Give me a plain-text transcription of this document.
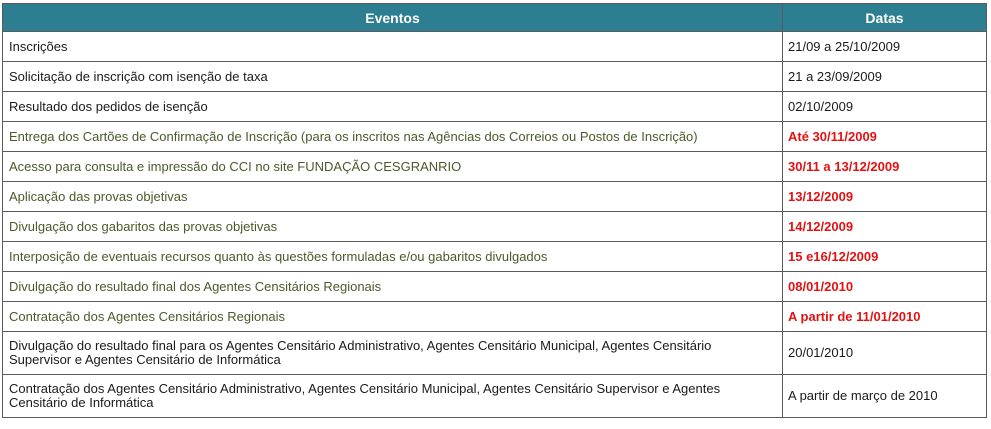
Eventos	Datas
Inscrições	21/09 a 25/10/2009
Solicitação de inscrição com isenção de taxa	21 a 23/09/2009
Resultado dos pedidos de isenção	02/10/2009
Entrega dos Cartões de Confirmação de Inscrição (para os inscritos nas Agências dos Correios ou Postos de Inscrição)	Até 30/11/2009
Acesso para consulta e impressão do CCI no site FUNDAÇÃO CESGRANRIO	30/11 a 13/12/2009
Aplicação das provas objetivas	13/12/2009
Divulgação dos gabaritos das provas objetivas	14/12/2009
Interposição de eventuais recursos quanto às questões formuladas e/ou gabaritos divulgados	15 e16/12/2009
Divulgação do resultado final dos Agentes Censitários Regionais	08/01/2010
Contratação dos Agentes Censitários Regionais	A partir de 11/01/2010
Divulgação do resultado final para os Agentes Censitário Administrativo, Agentes Censitário Municipal, Agentes Censitário Supervisor e Agentes Censitário de Informática	20/01/2010
Contratação dos Agentes Censitário Administrativo, Agentes Censitário Municipal, Agentes Censitário Supervisor e Agentes Censitário de Informática	A partir de março de 2010
